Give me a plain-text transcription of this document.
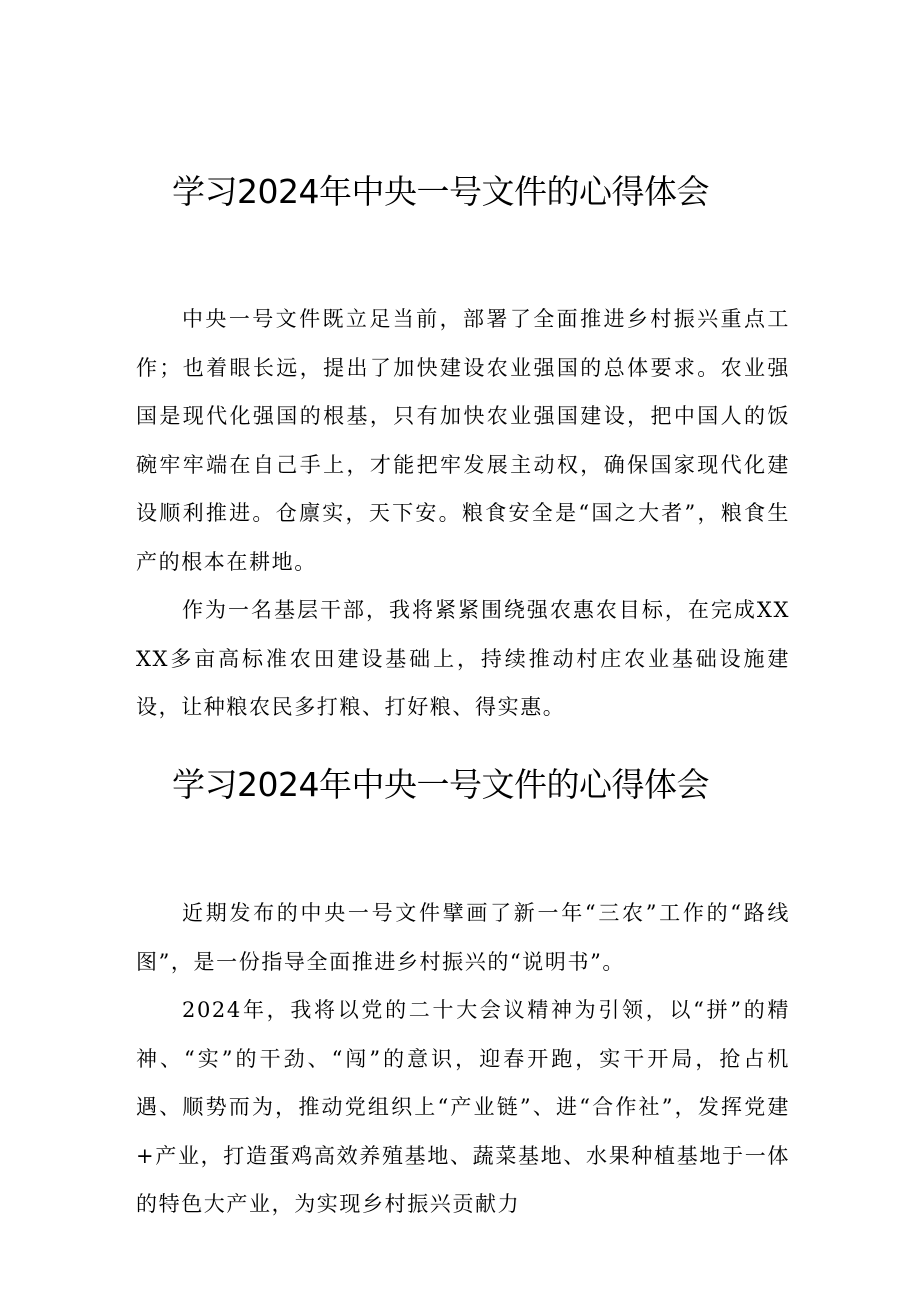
学习2024年中央一号文件的心得体会

中央一号文件既立足当前，部署了全面推进乡村振兴重点工作；也着眼长远，提出了加快建设农业强国的总体要求。农业强国是现代化强国的根基，只有加快农业强国建设，把中国人的饭碗牢牢端在自己手上，才能把牢发展主动权，确保国家现代化建设顺利推进。仓廪实，天下安。粮食安全是“国之大者”，粮食生产的根本在耕地。

作为一名基层干部，我将紧紧围绕强农惠农目标，在完成XXXX多亩高标准农田建设基础上，持续推动村庄农业基础设施建设，让种粮农民多打粮、打好粮、得实惠。

学习2024年中央一号文件的心得体会

近期发布的中央一号文件擘画了新一年“三农”工作的“路线图”，是一份指导全面推进乡村振兴的“说明书”。

2024年，我将以党的二十大会议精神为引领，以“拼”的精神、“实”的干劲、“闯”的意识，迎春开跑，实干开局，抢占机遇、顺势而为，推动党组织上“产业链”、进“合作社”，发挥党建+产业，打造蛋鸡高效养殖基地、蔬菜基地、水果种植基地于一体的特色大产业，为实现乡村振兴贡献力
